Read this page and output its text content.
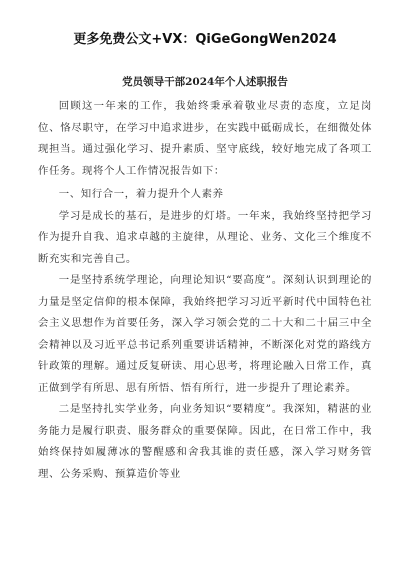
更多免费公文+VX：QiGeGongWen2024
党员领导干部2024年个人述职报告

回顾这一年来的工作，我始终秉承着敬业尽责的态度，立足岗位、恪尽职守，在学习中追求进步，在实践中砥砺成长，在细微处体现担当。通过强化学习、提升素质、坚守底线，较好地完成了各项工作任务。现将个人工作情况报告如下：

一、知行合一，着力提升个人素养

学习是成长的基石，是进步的灯塔。一年来，我始终坚持把学习作为提升自我、追求卓越的主旋律，从理论、业务、文化三个维度不断充实和完善自己。

一是坚持系统学理论，向理论知识“要高度”。深刻认识到理论的力量是坚定信仰的根本保障，我始终把学习习近平新时代中国特色社会主义思想作为首要任务，深入学习领会党的二十大和二十届三中全会精神以及习近平总书记系列重要讲话精神，不断深化对党的路线方针政策的理解。通过反复研读、用心思考，将理论融入日常工作，真正做到学有所思、思有所悟、悟有所行，进一步提升了理论素养。

二是坚持扎实学业务，向业务知识“要精度”。我深知，精湛的业务能力是履行职责、服务群众的重要保障。因此，在日常工作中，我始终保持如履薄冰的警醒感和舍我其谁的责任感，深入学习财务管理、公务采购、预算造价等业
